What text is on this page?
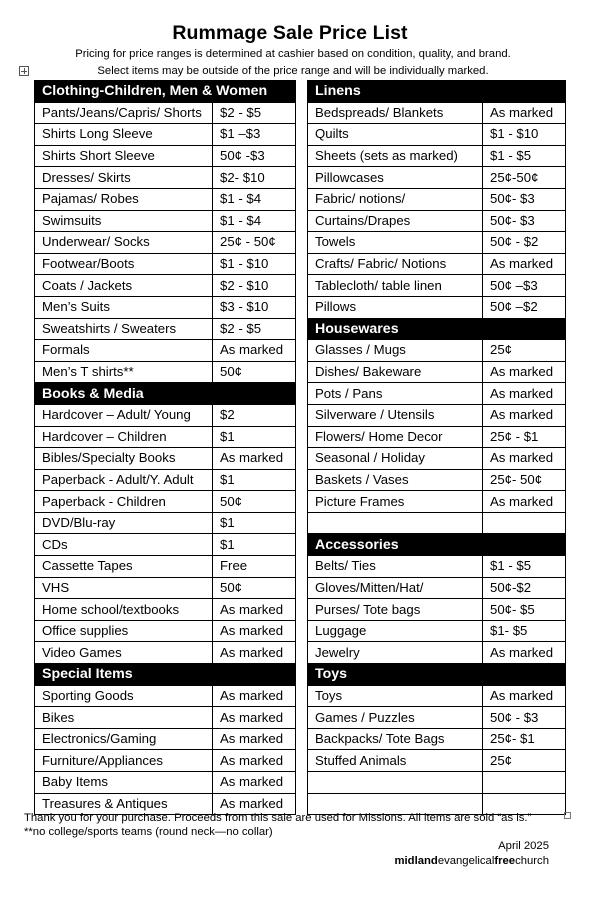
Rummage Sale Price List
Pricing for price ranges is determined at cashier based on condition, quality, and brand.
Select items may be outside of the price range and will be individually marked.
Clothing-Children, Men & Women	
Pants/Jeans/Capris/ Shorts	$2 - $5
Shirts Long Sleeve	$1 –$3
Shirts Short Sleeve	50¢ -$3
Dresses/ Skirts	$2- $10
Pajamas/ Robes	$1 - $4
Swimsuits	$1 - $4
Underwear/ Socks	25¢ - 50¢
Footwear/Boots	$1 - $10
Coats / Jackets	$2 - $10
Men’s Suits	$3 - $10
Sweatshirts / Sweaters	$2 - $5
Formals	As marked
Men’s T shirts**	50¢
Books & Media	
Hardcover – Adult/ Young	$2
Hardcover – Children	$1
Bibles/Specialty Books	As marked
Paperback - Adult/Y. Adult	$1
Paperback - Children	50¢
DVD/Blu-ray	$1
CDs	$1
Cassette Tapes	Free
VHS	50¢
Home school/textbooks	As marked
Office supplies	As marked
Video Games	As marked
Special Items	
Sporting Goods	As marked
Bikes	As marked
Electronics/Gaming	As marked
Furniture/Appliances	As marked
Baby Items	As marked
Treasures & Antiques	As marked
Linens	
Bedspreads/ Blankets	As marked
Quilts	$1 - $10
Sheets (sets as marked)	$1 - $5
Pillowcases	25¢-50¢
Fabric/ notions/	50¢- $3
Curtains/Drapes	50¢- $3
Towels	50¢ - $2
Crafts/ Fabric/ Notions	As marked
Tablecloth/ table linen	50¢ –$3
Pillows	50¢ –$2
Housewares	
Glasses / Mugs	25¢
Dishes/ Bakeware	As marked
Pots / Pans	As marked
Silverware / Utensils	As marked
Flowers/ Home Decor	25¢ - $1
Seasonal / Holiday	As marked
Baskets / Vases	25¢- 50¢
Picture Frames	As marked

Accessories	
Belts/ Ties	$1 - $5
Gloves/Mitten/Hat/	50¢-$2
Purses/ Tote bags	50¢- $5
Luggage	$1- $5
Jewelry	As marked
Toys	
Toys	As marked
Games / Puzzles	50¢ - $3
Backpacks/ Tote Bags	25¢- $1
Stuffed Animals	25¢

Thank you for your purchase. Proceeds from this sale are used for Missions. All items are sold “as is.”
**no college/sports teams (round neck—no collar)
April 2025
midlandevangelicalfreechurch
